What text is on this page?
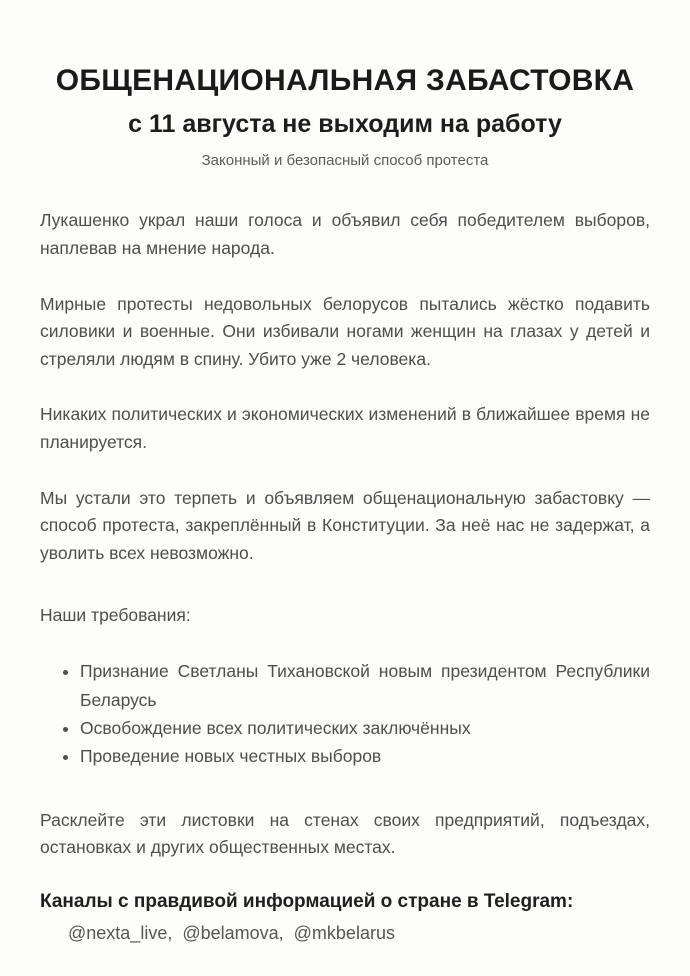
ОБЩЕНАЦИОНАЛЬНАЯ ЗАБАСТОВКА
с 11 августа не выходим на работу

Законный и безопасный способ протеста

Лукашенко украл наши голоса и объявил себя победителем выборов, наплевав на мнение народа.

Мирные протесты недовольных белорусов пытались жёстко подавить силовики и военные. Они избивали ногами женщин на глазах у детей и стреляли людям в спину. Убито уже 2 человека.

Никаких политических и экономических изменений в ближайшее время не планируется.

Мы устали это терпеть и объявляем общенациональную забастовку — способ протеста, закреплённый в Конституции. За неё нас не задержат, а уволить всех невозможно.

Наши требования:

• Признание Светланы Тихановской новым президентом Республики Беларусь
• Освобождение всех политических заключённых
• Проведение новых честных выборов

Расклейте эти листовки на стенах своих предприятий, подъездах, остановках и других общественных местах.

Каналы с правдивой информацией о стране в Telegram:

@nexta_live,  @belamova,  @mkbelarus
